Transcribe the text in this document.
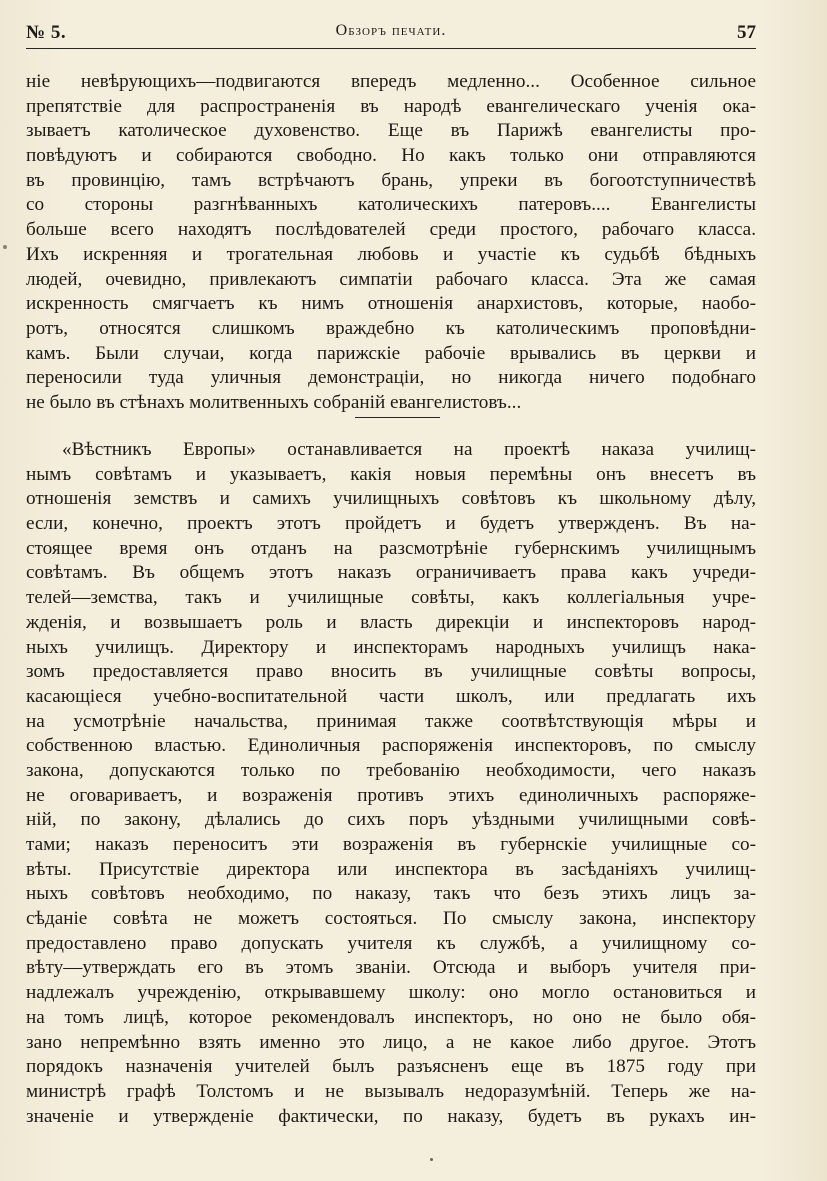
№ 5.	Обзоръ печати.	57
ніе невѣрующихъ—подвигаются впередъ медленно... Особенное сильное
препятствіе для распространенія въ народѣ евангелическаго ученія ока-
зываетъ католическое духовенство. Еще въ Парижѣ евангелисты про-
повѣдуютъ и собираются свободно. Но какъ только они отправляются
въ провинцію, тамъ встрѣчаютъ брань, упреки въ богоотступничествѣ
со стороны разгнѣванныхъ католическихъ патеровъ.... Евангелисты
больше всего находятъ послѣдователей среди простого, рабочаго класса.
Ихъ искренняя и трогательная любовь и участіе къ судьбѣ бѣдныхъ
людей, очевидно, привлекаютъ симпатіи рабочаго класса. Эта же самая
искренность смягчаетъ къ нимъ отношенія анархистовъ, которые, наобо-
ротъ, относятся слишкомъ враждебно къ католическимъ проповѣдни-
камъ. Были случаи, когда парижскіе рабочіе врывались въ церкви и
переносили туда уличныя демонстраціи, но никогда ничего подобнаго
не было въ стѣнахъ молитвенныхъ собраній евангелистовъ...
«Вѣстникъ Европы» останавливается на проектѣ наказа училищ-
нымъ совѣтамъ и указываетъ, какія новыя перемѣны онъ внесетъ въ
отношенія земствъ и самихъ училищныхъ совѣтовъ къ школьному дѣлу,
если, конечно, проектъ этотъ пройдетъ и будетъ утвержденъ. Въ на-
стоящее время онъ отданъ на разсмотрѣніе губернскимъ училищнымъ
совѣтамъ. Въ общемъ этотъ наказъ ограничиваетъ права какъ учреди-
телей—земства, такъ и училищные совѣты, какъ коллегіальныя учре-
жденія, и возвышаетъ роль и власть дирекціи и инспекторовъ народ-
ныхъ училищъ. Директору и инспекторамъ народныхъ училищъ нака-
зомъ предоставляется право вносить въ училищные совѣты вопросы,
касающіеся учебно-воспитательной части школъ, или предлагать ихъ
на усмотрѣніе начальства, принимая также соотвѣтствующія мѣры и
собственною властью. Единоличныя распоряженія инспекторовъ, по смыслу
закона, допускаются только по требованію необходимости, чего наказъ
не оговариваетъ, и возраженія противъ этихъ единоличныхъ распоряже-
ній, по закону, дѣлались до сихъ поръ уѣздными училищными совѣ-
тами; наказъ переноситъ эти возраженія въ губернскіе училищные со-
вѣты. Присутствіе директора или инспектора въ засѣданіяхъ училищ-
ныхъ совѣтовъ необходимо, по наказу, такъ что безъ этихъ лицъ за-
сѣданіе совѣта не можетъ состояться. По смыслу закона, инспектору
предоставлено право допускать учителя къ службѣ, а училищному со-
вѣту—утверждать его въ этомъ званіи. Отсюда и выборъ учителя при-
надлежалъ учрежденію, открывавшему школу: оно могло остановиться и
на томъ лицѣ, которое рекомендовалъ инспекторъ, но оно не было обя-
зано непремѣнно взять именно это лицо, а не какое либо другое. Этотъ
порядокъ назначенія учителей былъ разъясненъ еще въ 1875 году при
министрѣ графѣ Толстомъ и не вызывалъ недоразумѣній. Теперь же на-
значеніе и утвержденіе фактически, по наказу, будетъ въ рукахъ ин-
